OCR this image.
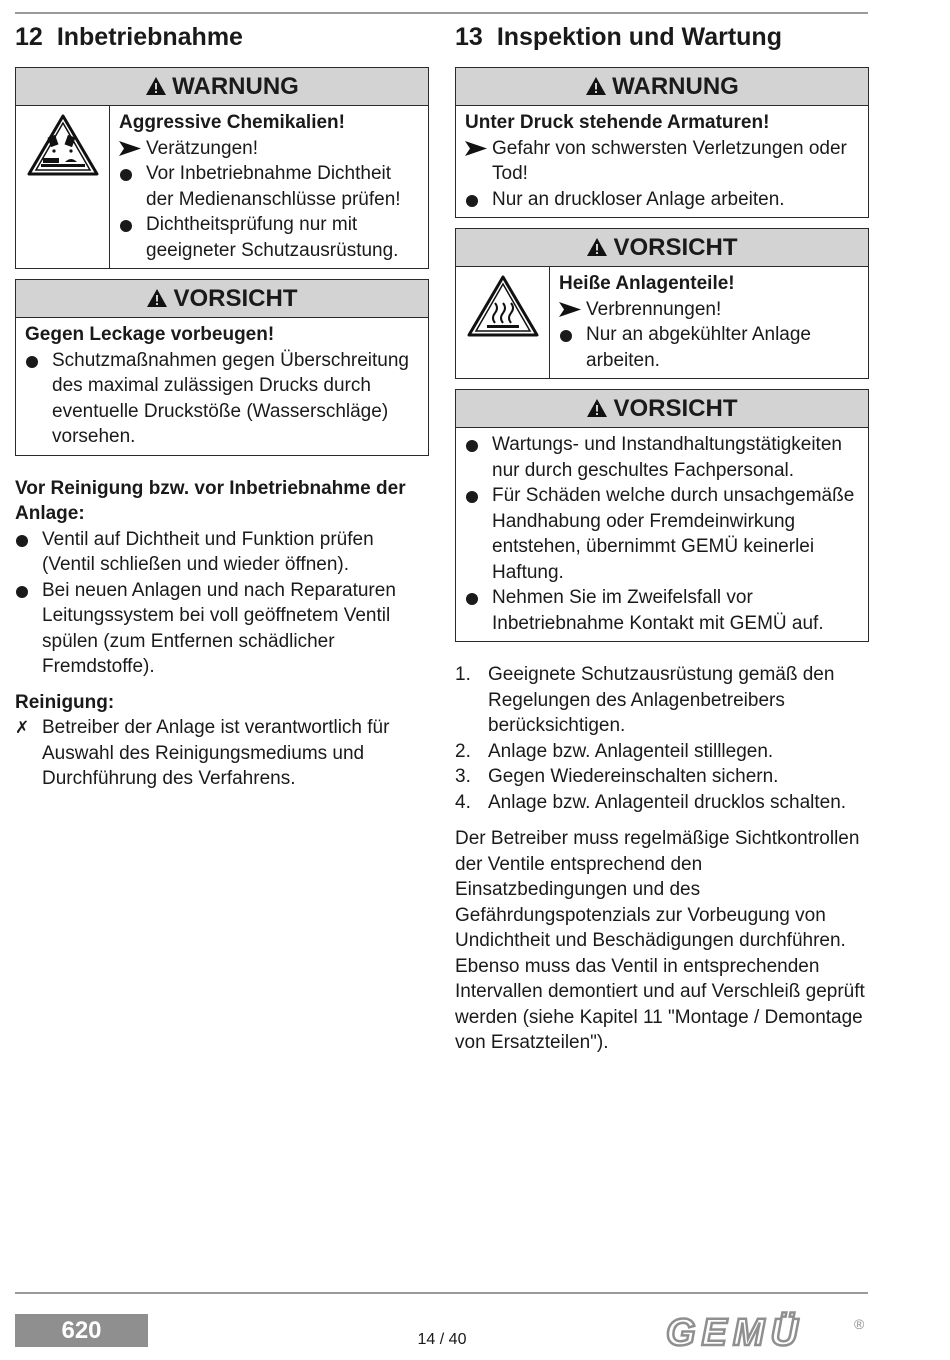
12 Inbetriebnahme
WARNUNG
Aggressive Chemikalien!
Verätzungen!
Vor Inbetriebnahme Dichtheit der Medienanschlüsse prüfen!
Dichtheitsprüfung nur mit geeigneter Schutzausrüstung.
VORSICHT
Gegen Leckage vorbeugen!
Schutzmaßnahmen gegen Überschreitung des maximal zulässigen Drucks durch eventuelle Druckstöße (Wasserschläge) vorsehen.
Vor Reinigung bzw. vor Inbetriebnahme der Anlage:
Ventil auf Dichtheit und Funktion prüfen (Ventil schließen und wieder öffnen).
Bei neuen Anlagen und nach Reparaturen Leitungssystem bei voll geöffnetem Ventil spülen (zum Entfernen schädlicher Fremdstoffe).
Reinigung:
✗ Betreiber der Anlage ist verantwortlich für Auswahl des Reinigungsmediums und Durchführung des Verfahrens.
13 Inspektion und Wartung
WARNUNG
Unter Druck stehende Armaturen!
Gefahr von schwersten Verletzungen oder Tod!
Nur an druckloser Anlage arbeiten.
VORSICHT
Heiße Anlagenteile!
Verbrennungen!
Nur an abgekühlter Anlage arbeiten.
VORSICHT
Wartungs- und Instandhaltungstätigkeiten nur durch geschultes Fachpersonal.
Für Schäden welche durch unsachgemäße Handhabung oder Fremdeinwirkung entstehen, übernimmt GEMÜ keinerlei Haftung.
Nehmen Sie im Zweifelsfall vor Inbetriebnahme Kontakt mit GEMÜ auf.
1. Geeignete Schutzausrüstung gemäß den Regelungen des Anlagenbetreibers berücksichtigen.
2. Anlage bzw. Anlagenteil stilllegen.
3. Gegen Wiedereinschalten sichern.
4. Anlage bzw. Anlagenteil drucklos schalten.
Der Betreiber muss regelmäßige Sichtkontrollen der Ventile entsprechend den Einsatzbedingungen und des Gefährdungspotenzials zur Vorbeugung von Undichtheit und Beschädigungen durchführen. Ebenso muss das Ventil in entsprechenden Intervallen demontiert und auf Verschleiß geprüft werden (siehe Kapitel 11 "Montage / Demontage von Ersatzteilen").
620	14 / 40	GEMÜ	®
